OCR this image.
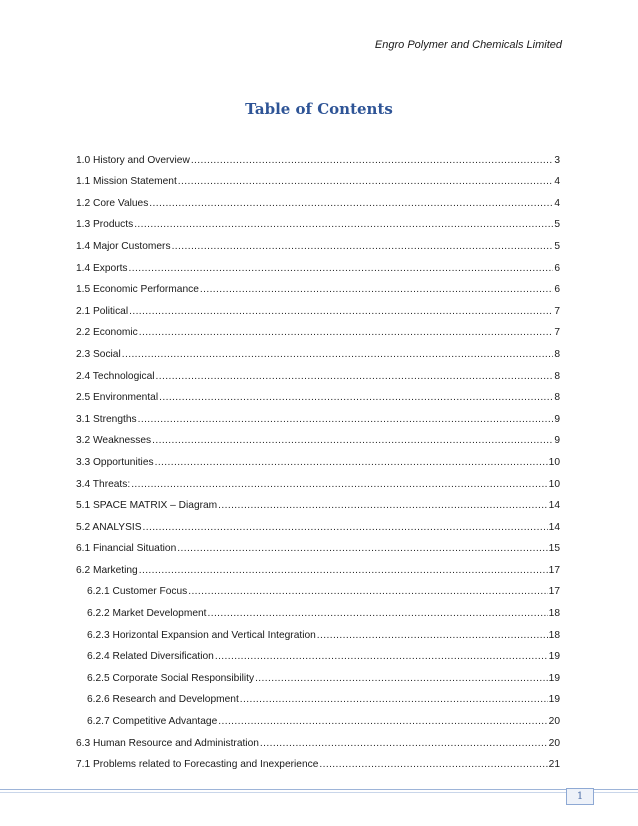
Engro Polymer and Chemicals Limited
Table of Contents
1.0 History and Overview .....	3
1.1 Mission Statement .....	4
1.2 Core Values .....	4
1.3 Products .....	5
1.4 Major Customers .....	5
1.4 Exports .....	6
1.5 Economic Performance .....	6
2.1 Political .....	7
2.2 Economic .....	7
2.3 Social .....	8
2.4 Technological .....	8
2.5 Environmental .....	8
3.1 Strengths .....	9
3.2 Weaknesses .....	9
3.3 Opportunities .....	10
3.4 Threats: .....	10
5.1 SPACE MATRIX – Diagram .....	14
5.2 ANALYSIS .....	14
6.1 Financial Situation .....	15
6.2 Marketing .....	17
6.2.1 Customer Focus .....	17
6.2.2 Market Development .....	18
6.2.3 Horizontal Expansion and Vertical Integration .....	18
6.2.4 Related Diversification .....	19
6.2.5 Corporate Social Responsibility .....	19
6.2.6 Research and Development .....	19
6.2.7 Competitive Advantage .....	20
6.3 Human Resource and Administration .....	20
7.1 Problems related to Forecasting and Inexperience .....	21
1
